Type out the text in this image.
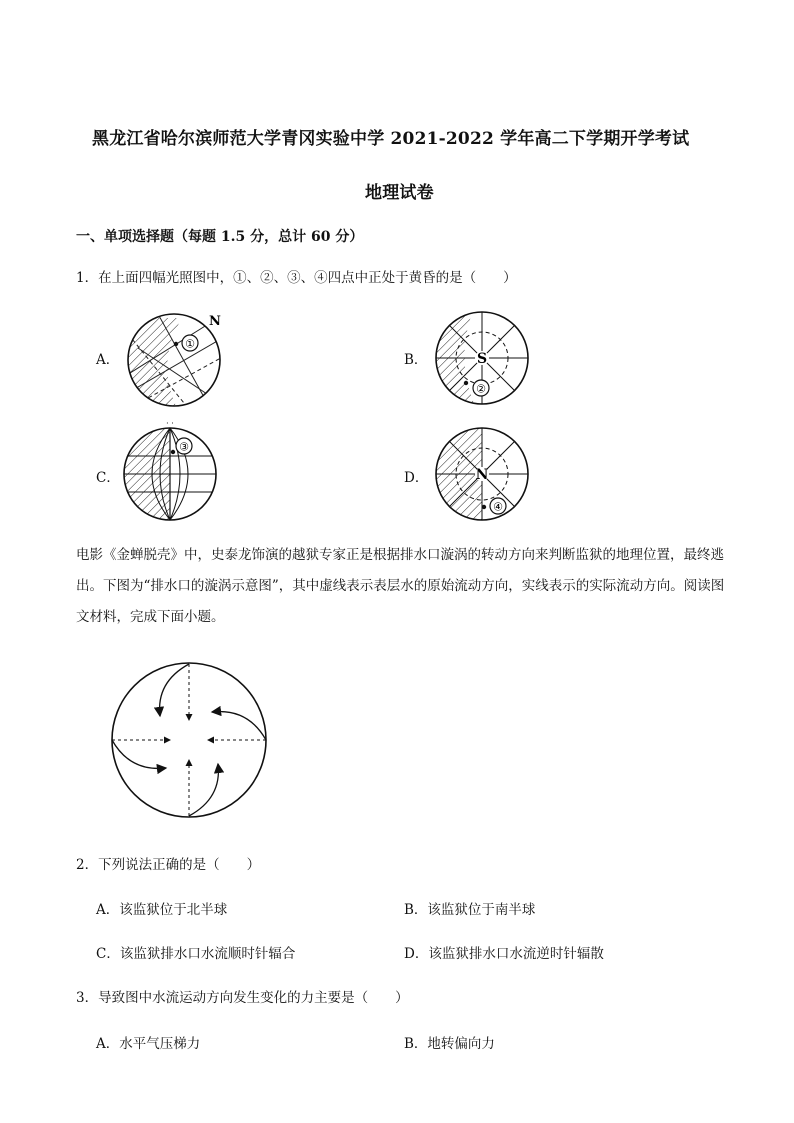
黑龙江省哈尔滨师范大学青冈实验中学 2021-2022 学年高二下学期开学考试
地理试卷
一、单项选择题（每题 1.5 分，总计 60 分）
1．在上面四幅光照图中，①、②、③、④四点中正处于黄昏的是（　　）
A．
①
N
B．	S
②
C．
· ·
③
D．	N
④
电影《金蝉脱壳》中，史泰龙饰演的越狱专家正是根据排水口漩涡的转动方向来判断监狱的地理位置，最终逃出。下图为“排水口的漩涡示意图”，其中虚线表示表层水的原始流动方向，实线表示的实际流动方向。阅读图文材料，完成下面小题。
2．下列说法正确的是（　　）
A．该监狱位于北半球	B．该监狱位于南半球
C．该监狱排水口水流顺时针辐合	D．该监狱排水口水流逆时针辐散
3．导致图中水流运动方向发生变化的力主要是（　　）
A．水平气压梯力	B．地转偏向力
